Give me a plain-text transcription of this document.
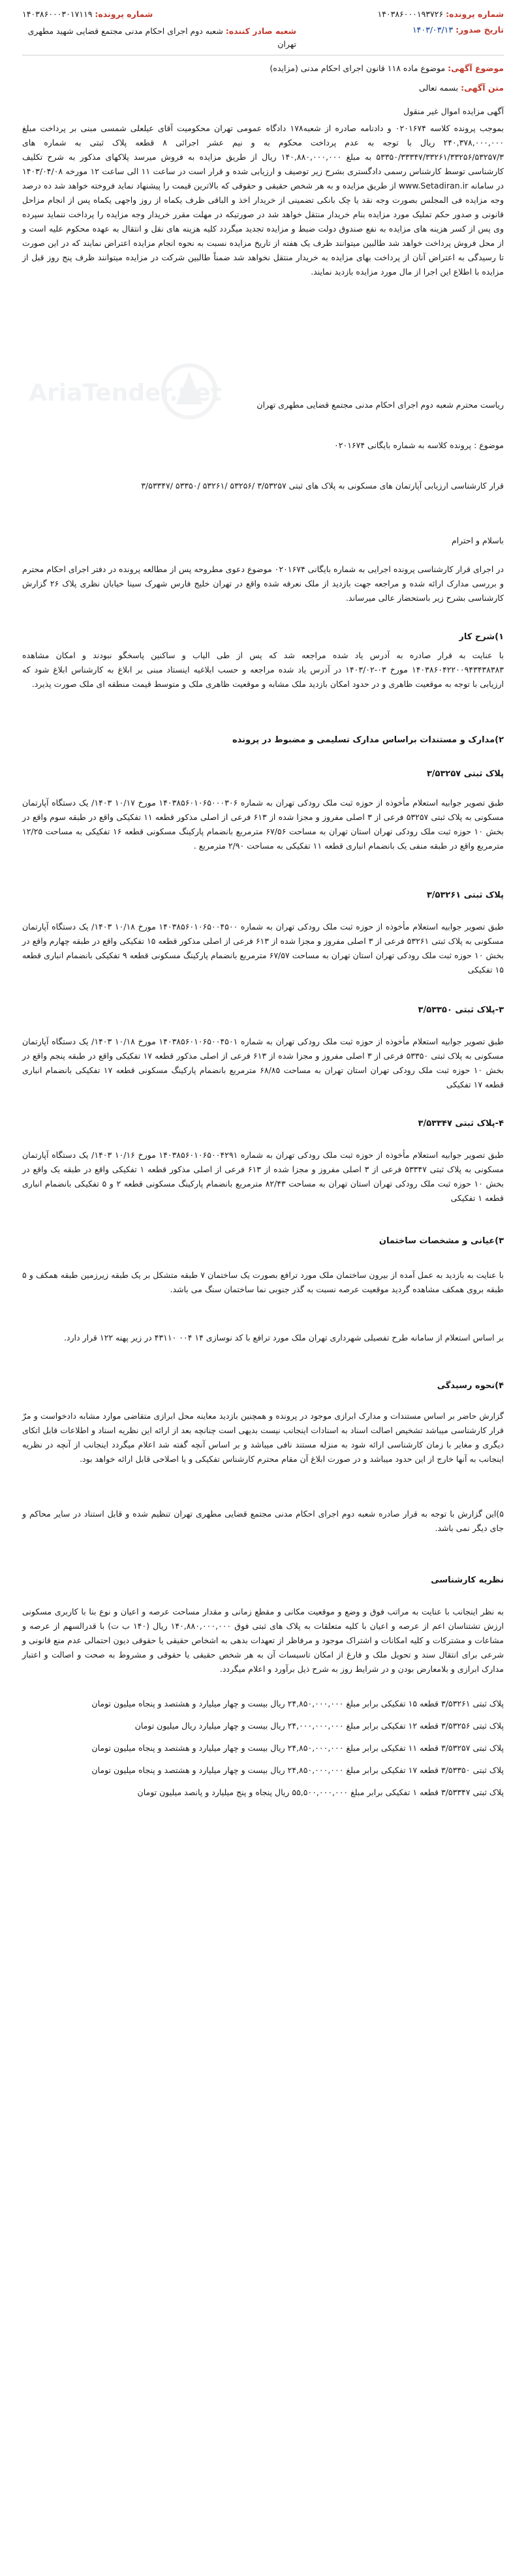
شماره پرونده: ۱۴۰۳۸۶۰۰۰۱۹۳۷۲۶
شماره پرونده: ۱۴۰۳۸۶۰۰۰۳۰۱۷۱۱۹
تاریخ صدور: ۱۴۰۳/۰۳/۱۳
شعبه صادر کننده: شعبه دوم اجرای احکام مدنی مجتمع قضایی شهید مطهری تهران
موضوع آگهی: موضوع ماده ۱۱۸ قانون اجرای احکام مدنی (مزایده)
متن آگهی: بسمه تعالی
آگهی مزایده اموال غیر منقول
بموجب پرونده کلاسه ۰۲۰۱۶۷۴ و دادنامه صادره از شعبه۱۷۸ دادگاه عمومی تهران محکومیت آقای عیلعلی شمسی مبنی بر پرداخت مبلغ ۲۴۰,۳۷۸,۰۰۰,۰۰۰ ریال با توجه به عدم پرداخت محکوم به و نیم عشر اجرائی ۸ قطعه پلاک ثبتی به شماره های ۵۳۳۵۰/۳۳۳۴۷/۳۳۲۶۱/۳۳۲۵۶/۵۳۲۵۷/۳ به مبلغ ۱۴۰,۸۸۰,۰۰۰,۰۰۰ ریال از طریق مزایده به فروش میرسد پلاکهای مذکور به شرح تکلیف کارشناسی توسط کارشناس رسمی دادگستری بشرح زیر توصیف و ارزیابی شده و قرار است در ساعت ۱۱ الی ساعت ۱۲ مورخه ۱۴۰۳/۰۴/۰۸ در سامانه www.Setadiran.ir از طریق مزایده و به هر شخص حقیقی و حقوقی که بالاترین قیمت را پیشنهاد نماید فروخته خواهد شد ده درصد وجه مزایده فی المجلس بصورت وجه نقد یا چک بانکی تضمینی از خریدار اخذ و الباقی ظرف یکماه از روز واجهی یکماه پس از انجام مزاحل قانونی و صدور حکم تملیک مورد مزایده بنام خریدار منتقل خواهد شد در صورتیکه در مهلت مقرر خریدار وجه مزایده را پرداخت ننماید سپرده وی پس از کسر هزینه های مزایده به نفع صندوق دولت ضبط و مزایده تجدید میگردد کلیه هزینه های نقل و انتقال به عهده محکوم علیه است و از محل فروش پرداخت خواهد شد طالبین میتوانند ظرف یک هفته از تاریخ مزایده نسبت به نحوه انجام مزایده اعتراض نمایند که در این صورت تا رسیدگی به اعتراض آنان از پرداخت بهای مزایده به خریدار منتقل نخواهد شد ضمناً طالبین شرکت در مزایده میتوانند ظرف پنج روز قبل از مزایده با اطلاع این اجرا از مال مورد مزایده بازدید نمایند.
AriaTender.net	ریاست محترم شعبه دوم اجرای احکام مدنی مجتمع قضایی مطهری تهران
موضوع : پرونده کلاسه به شماره بایگانی ۰۲۰۱۶۷۴
قرار کارشناسی ارزیابی آپارتمان های مسکونی به پلاک های ثبتی ۳/۵۳۲۵۷ /۵۳۲۵۶ /۵۳۲۶۱ /۵۳۳۵۰ /۳/۵۳۳۴۷
باسلام و احترام
در اجرای قرار کارشناسی پرونده اجرایی به شماره بایگانی ۰۲۰۱۶۷۴ موضوع دعوی مطروحه پس از مطالعه پرونده در دفتر اجرای احکام محترم و بررسی مدارک ارائه شده و مراجعه جهت بازدید از ملک نعرفه شده واقع در تهران خلیج فارس شهرک سینا خیابان نظری پلاک ۲۶ گزارش کارشناسی بشرح زیر باستحضار عالی میرساند.
۱)شرح کار
با عنایت به قرار صادره به آدرس یاد شده مراجعه شد که پس از طی الیاب و ساکنین پاسخگو نبودند و امکان مشاهده ۱۴۰۳۸۶۰۴۲۲۰۰۹۴۳۴۳۸۳۸۳ مورخ ۰۳-۱۴۰۳/۰۲ در آدرس یاد شده مراجعه و حسب ابلاغیه اینستاد مبنی بر ابلاغ به کارشناس ابلاغ شود که ارزیابی با توجه به موقعیت ظاهری و در حدود امکان بازدید ملک مشابه و موقعیت ظاهری ملک و متوسط قیمت منطقه ای ملک صورت پذیرد.
۲)مدارک و مستندات براساس مدارک تسلیمی و مضبوط در پرونده
پلاک ثبتی ۳/۵۳۲۵۷
طبق تصویر جوابیه استعلام مأخوذه از حوزه ثبت ملک رودکی تهران به شماره ۱۴۰۳۸۵۶۰۱۰۶۵۰۰۰۳۰۶ مورخ ۱۰/۱۷ ۱۴۰۳/ یک دستگاه آپارتمان مسکونی به پلاک ثبتی ۵۳۲۵۷ فرعی از ۳ اصلی مفروز و مجزا شده از ۶۱۳ فرعی از اصلی مذکور قطعه ۱۱ تفکیکی واقع در طبقه سوم واقع در بخش ۱۰ حوزه ثبت ملک رودکی تهران استان تهران به مساحت ۶۷/۵۶ مترمربع بانضمام پارکینگ مسکونی قطعه ۱۶ تفکیکی به مساحت ۱۲/۲۵ مترمربع واقع در طبقه منفی یک بانضمام انباری قطعه ۱۱ تفکیکی به مساحت ۲/۹۰ مترمربع .
پلاک ثبتی ۳/۵۳۲۶۱
طبق تصویر جوابیه استعلام مأخوذه از حوزه ثبت ملک رودکی تهران به شماره ۱۴۰۳۸۵۶۰۱۰۶۵۰۰۴۵۰۰ مورخ ۱۰/۱۸ ۱۴۰۳/ یک دستگاه آپارتمان مسکونی به پلاک ثبتی ۵۳۲۶۱ فرعی از ۳ اصلی مفروز و مجزا شده از ۶۱۳ فرعی از اصلی مذکور قطعه ۱۵ تفکیکی واقع در طبقه چهارم واقع در بخش ۱۰ حوزه ثبت ملک رودکی تهران استان تهران به مساحت ۶۷/۵۷ مترمربع بانضمام پارکینگ مسکونی قطعه ۹ تفکیکی بانضمام انباری قطعه ۱۵ تفکیکی
۳-پلاک ثبتی ۳/۵۳۳۵۰
طبق تصویر جوابیه استعلام مأخوذه از حوزه ثبت ملک رودکی تهران به شماره ۱۴۰۳۸۵۶۰۱۰۶۵۰۰۴۵۰۱ مورخ ۱۰/۱۸ ۱۴۰۳/ یک دستگاه آپارتمان مسکونی به پلاک ثبتی ۵۳۳۵۰ فرعی از ۳ اصلی مفروز و مجزا شده از ۶۱۳ فرعی از اصلی مذکور قطعه ۱۷ تفکیکی واقع در طبقه پنجم واقع در بخش ۱۰ حوزه ثبت ملک رودکی تهران استان تهران به مساحت ۶۸/۸۵ مترمربع بانضمام پارکینگ مسکونی قطعه ۱۷ تفکیکی بانضمام انباری قطعه ۱۷ تفکیکی
۴-پلاک ثبتی ۳/۵۳۳۴۷
طبق تصویر جوابیه استعلام مأخوذه از حوزه ثبت ملک رودکی تهران به شماره ۱۴۰۳۸۵۶۰۱۰۶۵۰۰۴۲۹۱ مورخ ۱۰/۱۶ ۱۴۰۳/ یک دستگاه آپارتمان مسکونی به پلاک ثبتی ۵۳۳۴۷ فرعی از ۳ اصلی مفروز و مجزا شده از ۶۱۳ فرعی از اصلی مذکور قطعه ۱ تفکیکی واقع در طبقه یک واقع در بخش ۱۰ حوزه ثبت ملک رودکی تهران استان تهران به مساحت ۸۲/۴۳ مترمربع بانضمام پارکینگ مسکونی قطعه ۲ و ۵ تفکیکی بانضمام انباری قطعه ۱ تفکیکی
۳)عیانی و مشخصات ساختمان
با عنایت به بازدید به عمل آمده از بیرون ساختمان ملک مورد ترافع بصورت یک ساختمان ۷ طبقه متشکل بر یک طبقه زیرزمین طبقه همکف و ۵ طبقه بروی همکف مشاهده گردید موقعیت عرصه نسبت به گذر جنوبی نما ساختمان سنگ می باشد.
بر اساس استعلام از سامانه طرح تفصیلی شهرداری تهران ملک مورد ترافع با کد نوسازی ۱۴ ۰۰۴ ۴۳۱۱۰ در زیر پهنه ۱۲۲ قرار دارد.
۴)نحوه رسیدگی
گزارش حاضر بر اساس مستندات و مدارک ابرازی موجود در پرونده و همچنین بازدید معاینه محل ابرازی متقاضی موارد مشابه دادخواست و مرّ قرار کارشناسی میباشد تشخیص اصالت اسناد به اسنادات اینجانب نیست بدیهی است چنانچه بعد از ارائه این نظریه اسناد و اطلاعات قابل اتکای دیگری و مغایر با زمان کارشناسی ارائه شود به منزله مستند نافی میباشد و بر اساس آنچه گفته شد اعلام میگردد اینجانب از آنچه در نظریه اینجانب به آنها خارج از این حدود میباشد و در صورت ابلاغ آن مقام محترم کارشناس تفکیکی و یا اصلاحی قابل ارائه خواهد بود.
۵)این گزارش با توجه به قرار صادره شعبه دوم اجرای احکام مدنی مجتمع قضایی مطهری تهران تنظیم شده و قابل استناد در سایر محاکم و جای دیگر نمی باشد.
نظریه کارشناسی
به نظر اینجانب با عنایت به مراتب فوق و وضع و موقعیت مکانی و مقطع زمانی و مقدار مساحت عرصه و اعیان و نوع بنا با کاربری مسکونی ارزش تشتناسان اعم از عرصه و اعیان با کلیه متعلقات به پلاک های ثبتی فوق ۱۴۰,۸۸۰,۰۰۰,۰۰۰ ریال (۱۴۰ ب ت) با قدرالسهم از عرصه و مشاعات و مشترکات و کلیه امکانات و اشتراک موجود و مرفاظر از تعهدات بدهی به اشخاص حقیقی یا حقوقی دیون احتمالی عدم منع قانونی و شرعی برای انتقال سند و تحویل ملک و فارغ از امکان تاسیسات آن به هر شخص حقیقی یا حقوقی و مشروط به صحت و اصالت و اعتبار مدارک ابرازی و بلامعارض بودن و در شرایط روز به شرح ذیل برآورد و اعلام میگردد.
پلاک ثبتی ۳/۵۳۲۶۱ قطعه ۱۵ تفکیکی برابر مبلغ ۲۴,۸۵۰,۰۰۰,۰۰۰ ریال بیست و چهار میلیارد و هشتصد و پنجاه میلیون تومان
پلاک ثبتی ۳/۵۳۲۵۶ قطعه ۱۲ تفکیکی برابر مبلغ ۲۴,۰۰۰,۰۰۰,۰۰۰ ریال بیست و چهار میلیارد ریال میلیون تومان
پلاک ثبتی ۳/۵۳۲۵۷ قطعه ۱۱ تفکیکی برابر مبلغ ۲۴,۸۵۰,۰۰۰,۰۰۰ ریال بیست و چهار میلیارد و هشتصد و پنجاه میلیون تومان
پلاک ثبتی ۳/۵۳۳۵۰ قطعه ۱۷ تفکیکی برابر مبلغ ۲۴,۸۵۰,۰۰۰,۰۰۰ ریال بیست و چهار میلیارد و هشتصد و پنجاه میلیون تومان
پلاک ثبتی ۳/۵۳۳۴۷ قطعه ۱ تفکیکی برابر مبلغ ۵۵,۵۰۰,۰۰۰,۰۰۰ ریال پنجاه و پنج میلیارد و پانصد میلیون تومان
